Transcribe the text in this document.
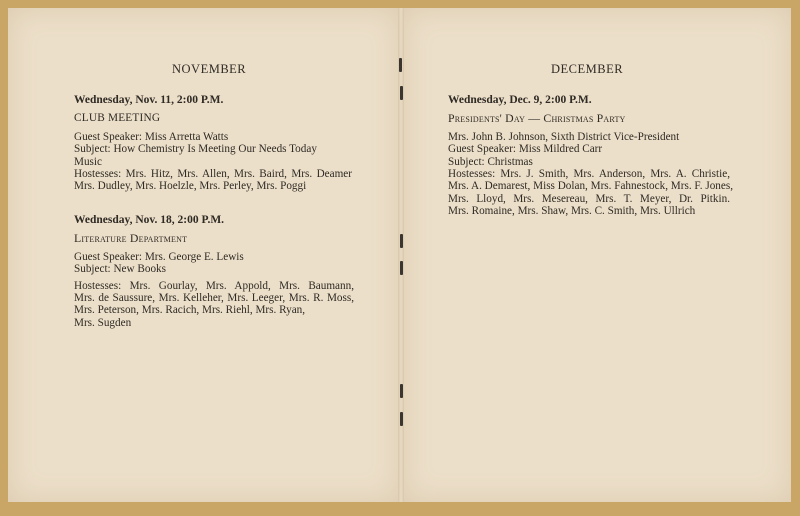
NOVEMBER
Wednesday, Nov. 11, 2:00 P.M.
CLUB MEETING
Guest Speaker: Miss Arretta Watts
Subject: How Chemistry Is Meeting Our Needs Today
Music
Hostesses: Mrs. Hitz, Mrs. Allen, Mrs. Baird, Mrs. Deamer
Mrs. Dudley, Mrs. Hoelzle, Mrs. Perley, Mrs. Poggi
Wednesday, Nov. 18, 2:00 P.M.
Literature Department
Guest Speaker: Mrs. George E. Lewis
Subject: New Books
Hostesses: Mrs. Gourlay, Mrs. Appold, Mrs. Baumann,
Mrs. de Saussure, Mrs. Kelleher, Mrs. Leeger, Mrs. R. Moss,
Mrs. Peterson, Mrs. Racich, Mrs. Riehl, Mrs. Ryan,
Mrs. Sugden
DECEMBER
Wednesday, Dec. 9, 2:00 P.M.
Presidents' Day — Christmas Party
Mrs. John B. Johnson, Sixth District Vice-President
Guest Speaker: Miss Mildred Carr
Subject: Christmas
Hostesses: Mrs. J. Smith, Mrs. Anderson, Mrs. A. Christie,
Mrs. A. Demarest, Miss Dolan, Mrs. Fahnestock, Mrs. F. Jones,
Mrs. Lloyd, Mrs. Mesereau, Mrs. T. Meyer, Dr. Pitkin.
Mrs. Romaine, Mrs. Shaw, Mrs. C. Smith, Mrs. Ullrich
